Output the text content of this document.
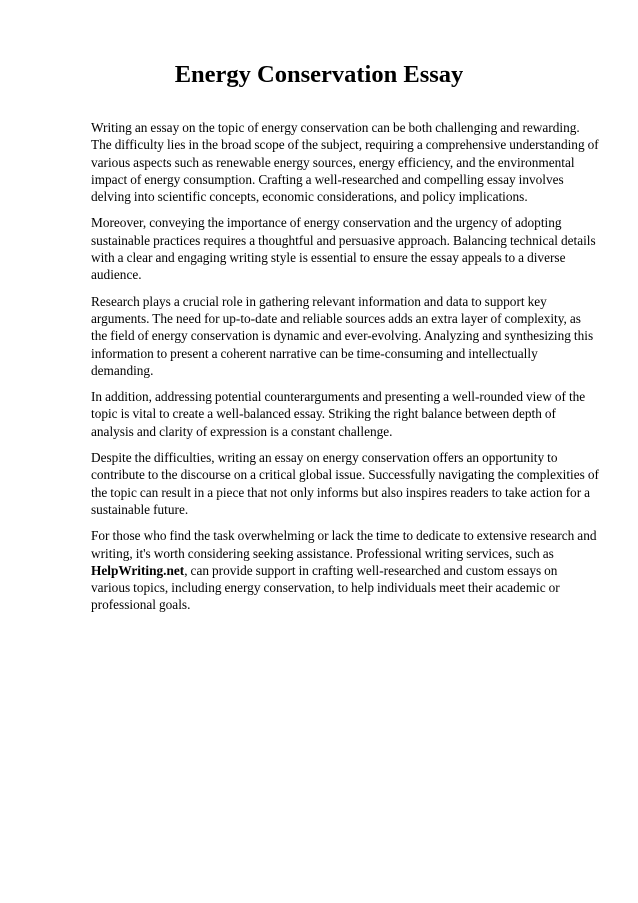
Energy Conservation Essay

Writing an essay on the topic of energy conservation can be both challenging and rewarding. The difficulty lies in the broad scope of the subject, requiring a comprehensive understanding of various aspects such as renewable energy sources, energy efficiency, and the environmental impact of energy consumption. Crafting a well-researched and compelling essay involves delving into scientific concepts, economic considerations, and policy implications.

Moreover, conveying the importance of energy conservation and the urgency of adopting sustainable practices requires a thoughtful and persuasive approach. Balancing technical details with a clear and engaging writing style is essential to ensure the essay appeals to a diverse audience.

Research plays a crucial role in gathering relevant information and data to support key arguments. The need for up-to-date and reliable sources adds an extra layer of complexity, as the field of energy conservation is dynamic and ever-evolving. Analyzing and synthesizing this information to present a coherent narrative can be time-consuming and intellectually demanding.

In addition, addressing potential counterarguments and presenting a well-rounded view of the topic is vital to create a well-balanced essay. Striking the right balance between depth of analysis and clarity of expression is a constant challenge.

Despite the difficulties, writing an essay on energy conservation offers an opportunity to contribute to the discourse on a critical global issue. Successfully navigating the complexities of the topic can result in a piece that not only informs but also inspires readers to take action for a sustainable future.

For those who find the task overwhelming or lack the time to dedicate to extensive research and writing, it's worth considering seeking assistance. Professional writing services, such as HelpWriting.net, can provide support in crafting well-researched and custom essays on various topics, including energy conservation, to help individuals meet their academic or professional goals.
